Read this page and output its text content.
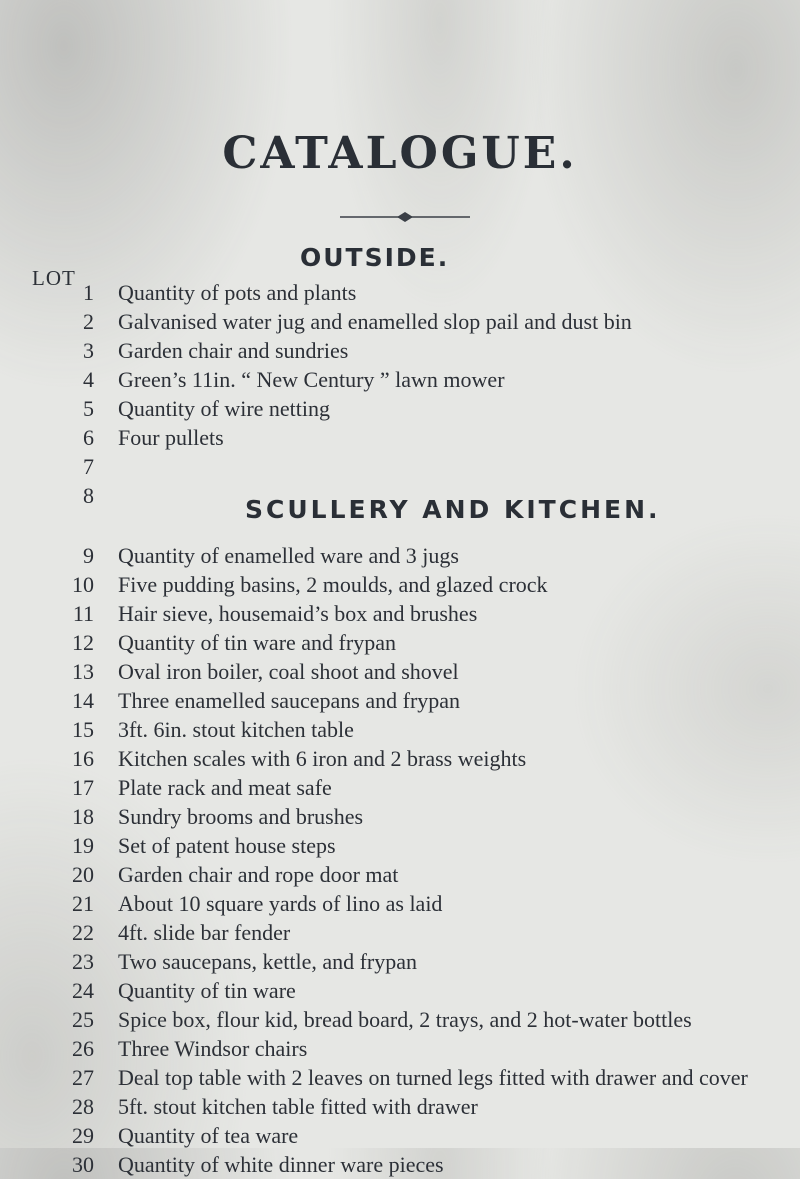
CATALOGUE.
OUTSIDE.
LOT
1 Quantity of pots and plants
2 Galvanised water jug and enamelled slop pail and dust bin
3 Garden chair and sundries
4 Green’s 11in. “ New Century ” lawn mower
5 Quantity of wire netting
6 Four pullets
7
8	SCULLERY AND KITCHEN.
9 Quantity of enamelled ware and 3 jugs
10 Five pudding basins, 2 moulds, and glazed crock
11 Hair sieve, housemaid’s box and brushes
12 Quantity of tin ware and frypan
13 Oval iron boiler, coal shoot and shovel
14 Three enamelled saucepans and frypan
15 3ft. 6in. stout kitchen table
16 Kitchen scales with 6 iron and 2 brass weights
17 Plate rack and meat safe
18 Sundry brooms and brushes
19 Set of patent house steps
20 Garden chair and rope door mat
21 About 10 square yards of lino as laid
22 4ft. slide bar fender
23 Two saucepans, kettle, and frypan
24 Quantity of tin ware
25 Spice box, flour kid, bread board, 2 trays, and 2 hot-water bottles
26 Three Windsor chairs
27 Deal top table with 2 leaves on turned legs fitted with drawer and cover
28 5ft. stout kitchen table fitted with drawer
29 Quantity of tea ware
30 Quantity of white dinner ware pieces
